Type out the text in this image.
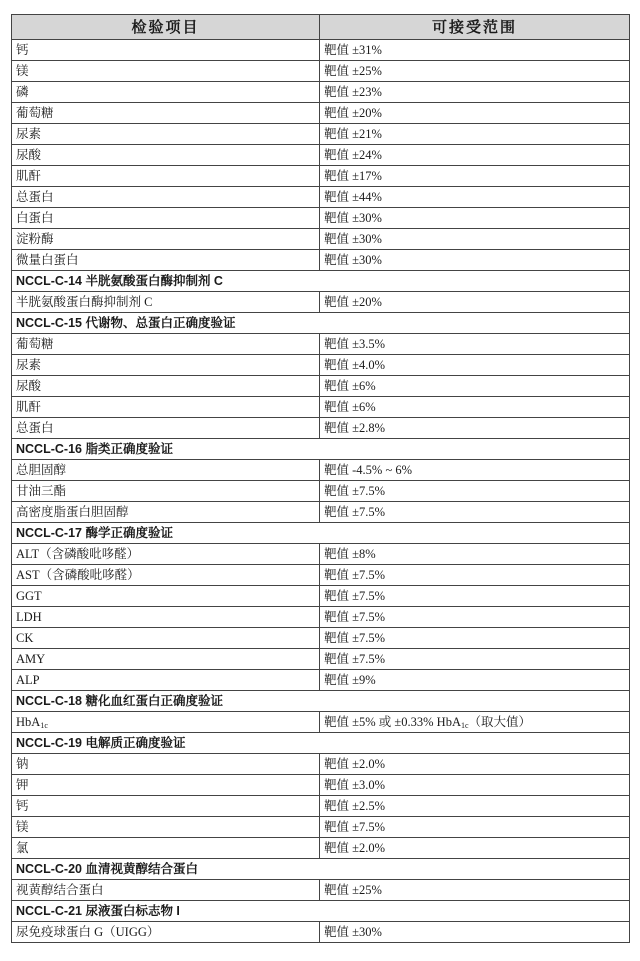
检验项目	可接受范围
钙	靶值 ±31%
镁	靶值 ±25%
磷	靶值 ±23%
葡萄糖	靶值 ±20%
尿素	靶值 ±21%
尿酸	靶值 ±24%
肌酐	靶值 ±17%
总蛋白	靶值 ±44%
白蛋白	靶值 ±30%
淀粉酶	靶值 ±30%
微量白蛋白	靶值 ±30%
NCCL-C-14 半胱氨酸蛋白酶抑制剂 C	
半胱氨酸蛋白酶抑制剂 C	靶值 ±20%
NCCL-C-15 代谢物、总蛋白正确度验证	
葡萄糖	靶值 ±3.5%
尿素	靶值 ±4.0%
尿酸	靶值 ±6%
肌酐	靶值 ±6%
总蛋白	靶值 ±2.8%
NCCL-C-16 脂类正确度验证	
总胆固醇	靶值 -4.5% ~ 6%
甘油三酯	靶值 ±7.5%
高密度脂蛋白胆固醇	靶值 ±7.5%
NCCL-C-17 酶学正确度验证	
ALT（含磷酸吡哆醛）	靶值 ±8%
AST（含磷酸吡哆醛）	靶值 ±7.5%
GGT	靶值 ±7.5%
LDH	靶值 ±7.5%
CK	靶值 ±7.5%
AMY	靶值 ±7.5%
ALP	靶值 ±9%
NCCL-C-18 糖化血红蛋白正确度验证	
HbA$_{1c}$	靶值 ±5% 或 ±0.33% HbA$_{1c}$（取大值）
NCCL-C-19 电解质正确度验证	
钠	靶值 ±2.0%
钾	靶值 ±3.0%
钙	靶值 ±2.5%
镁	靶值 ±7.5%
氯	靶值 ±2.0%
NCCL-C-20 血清视黄醇结合蛋白	
视黄醇结合蛋白	靶值 ±25%
NCCL-C-21 尿液蛋白标志物 I	
尿免疫球蛋白 G（UIGG）	靶值 ±30%
